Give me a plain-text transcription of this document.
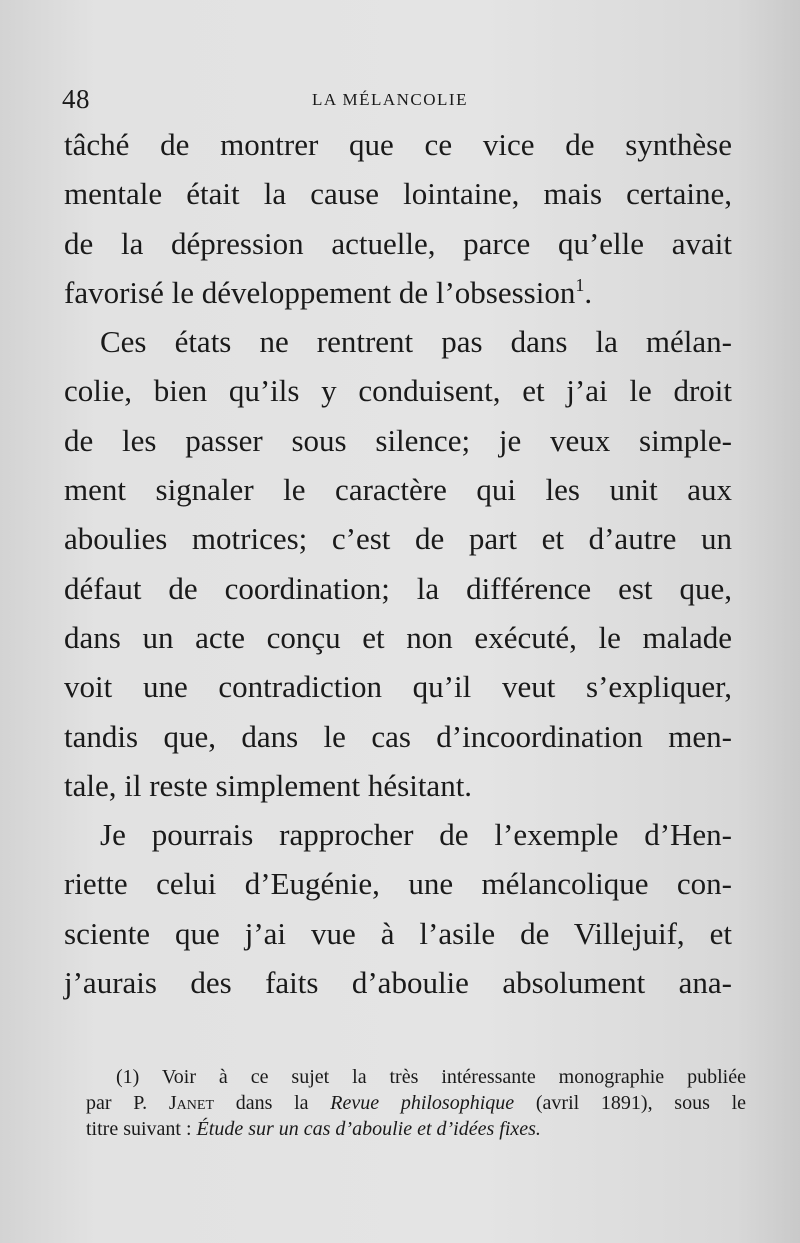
48	LA MÉLANCOLIE
tâché de montrer que ce vice de synthèse
mentale était la cause lointaine, mais certaine,
de la dépression actuelle, parce qu’elle avait
favorisé le développement de l’obsession$^1$.
Ces états ne rentrent pas dans la mélan-
colie, bien qu’ils y conduisent, et j’ai le droit
de les passer sous silence; je veux simple-
ment signaler le caractère qui les unit aux
aboulies motrices; c’est de part et d’autre un
défaut de coordination; la différence est que,
dans un acte conçu et non exécuté, le malade
voit une contradiction qu’il veut s’expliquer,
tandis que, dans le cas d’incoordination men-
tale, il reste simplement hésitant.
Je pourrais rapprocher de l’exemple d’Hen-
riette celui d’Eugénie, une mélancolique con-
sciente que j’ai vue à l’asile de Villejuif, et
j’aurais des faits d’aboulie absolument ana-
(1) Voir à ce sujet la très intéressante monographie publiée
par P. Janet dans la Revue philosophique (avril 1891), sous le
titre suivant : Étude sur un cas d’aboulie et d’idées fixes.
